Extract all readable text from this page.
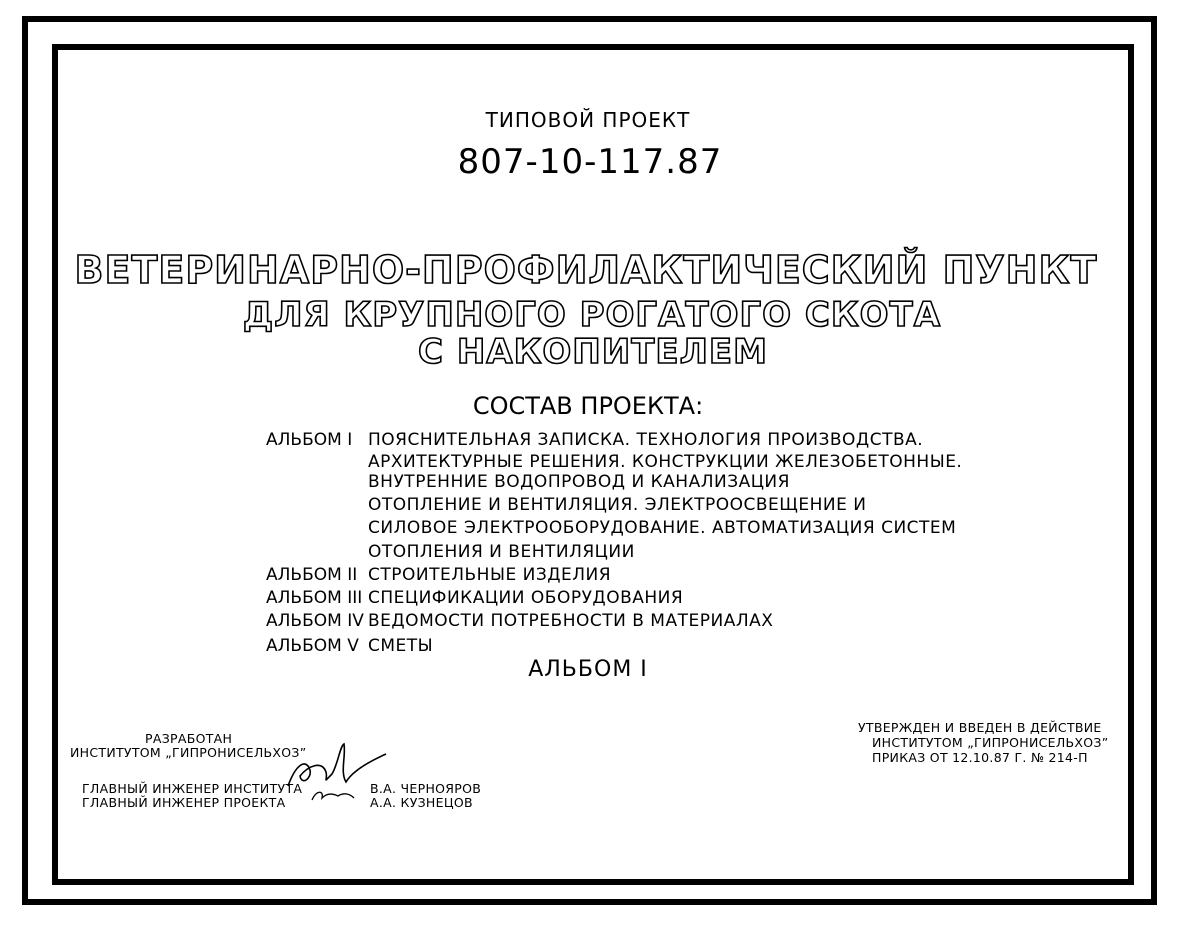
ТИПОВОЙ ПРОЕКТ
807-10-117.87
ВЕТЕРИНАРНО-ПРОФИЛАКТИЧЕСКИЙ ПУНКТ
ДЛЯ КРУПНОГО РОГАТОГО СКОТА
С НАКОПИТЕЛЕМ
СОСТАВ ПРОЕКТА:
АЛЬБОМ I ПОЯСНИТЕЛЬНАЯ ЗАПИСКА. ТЕХНОЛОГИЯ ПРОИЗВОДСТВА.
АРХИТЕКТУРНЫЕ РЕШЕНИЯ. КОНСТРУКЦИИ ЖЕЛЕЗОБЕТОННЫЕ.
ВНУТРЕННИЕ ВОДОПРОВОД И КАНАЛИЗАЦИЯ
ОТОПЛЕНИЕ И ВЕНТИЛЯЦИЯ. ЭЛЕКТРООСВЕЩЕНИЕ И
СИЛОВОЕ ЭЛЕКТРООБОРУДОВАНИЕ. АВТОМАТИЗАЦИЯ СИСТЕМ
ОТОПЛЕНИЯ И ВЕНТИЛЯЦИИ
АЛЬБОМ II СТРОИТЕЛЬНЫЕ ИЗДЕЛИЯ
АЛЬБОМ III СПЕЦИФИКАЦИИ ОБОРУДОВАНИЯ
АЛЬБОМ IV ВЕДОМОСТИ ПОТРЕБНОСТИ В МАТЕРИАЛАХ
АЛЬБОМ V СМЕТЫ
АЛЬБОМ I
РАЗРАБОТАН
ИНСТИТУТОМ „ГИПРОНИСЕЛЬХОЗ”
ГЛАВНЫЙ ИНЖЕНЕР ИНСТИТУТА
ГЛАВНЫЙ ИНЖЕНЕР ПРОЕКТА
В.А. ЧЕРНОЯРОВ
А.А. КУЗНЕЦОВ
УТВЕРЖДЕН И ВВЕДЕН В ДЕЙСТВИЕ
ИНСТИТУТОМ „ГИПРОНИСЕЛЬХОЗ”
ПРИКАЗ ОТ 12.10.87 Г. № 214-П
